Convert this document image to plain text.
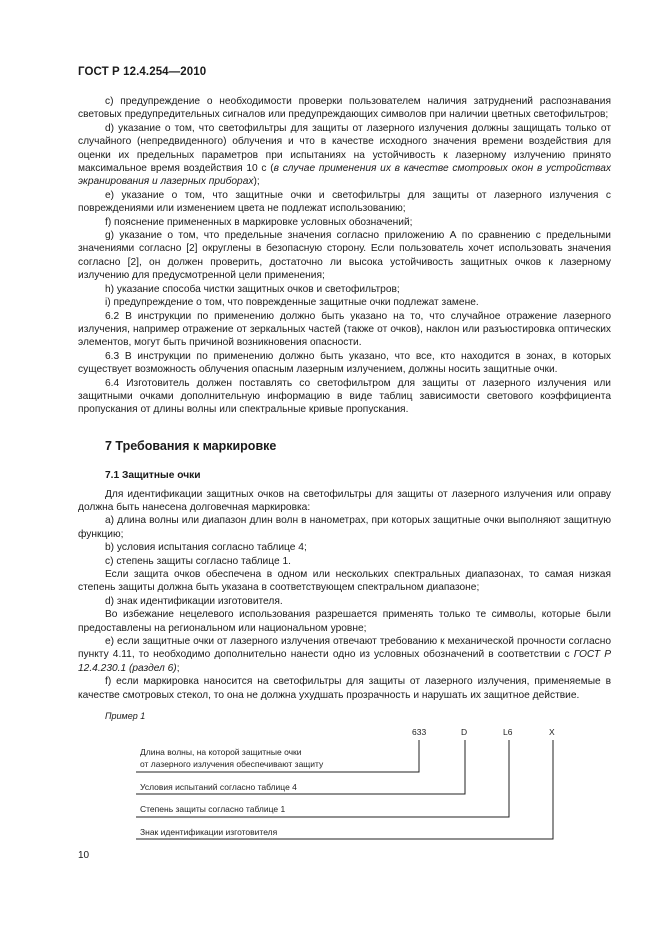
ГОСТ Р 12.4.254—2010

c) предупреждение о необходимости проверки пользователем наличия затруднений распознавания световых предупредительных сигналов или предупреждающих символов при наличии цветных светофильтров;

d) указание о том, что светофильтры для защиты от лазерного излучения должны защищать только от случайного (непредвиденного) облучения и что в качестве исходного значения времени воздействия для оценки их предельных параметров при испытаниях на устойчивость к лазерному излучению принято максимальное время воздействия 10 с (в случае применения их в качестве смотровых окон в устройствах экранирования и лазерных приборах);

e) указание о том, что защитные очки и светофильтры для защиты от лазерного излучения с повреждениями или изменением цвета не подлежат использованию;

f) пояснение примененных в маркировке условных обозначений;

g) указание о том, что предельные значения согласно приложению А по сравнению с предельными значениями согласно [2] округлены в безопасную сторону. Если пользователь хочет использовать значения согласно [2], он должен проверить, достаточно ли высока устойчивость защитных очков к лазерному излучению для предусмотренной цели применения;

h) указание способа чистки защитных очков и светофильтров;

i) предупреждение о том, что поврежденные защитные очки подлежат замене.

6.2 В инструкции по применению должно быть указано на то, что случайное отражение лазерного излучения, например отражение от зеркальных частей (также от очков), наклон или разъюстировка оптических элементов, могут быть причиной возникновения опасности.

6.3 В инструкции по применению должно быть указано, что все, кто находится в зонах, в которых существует возможность облучения опасным лазерным излучением, должны носить защитные очки.

6.4 Изготовитель должен поставлять со светофильтром для защиты от лазерного излучения или защитными очками дополнительную информацию в виде таблиц зависимости светового коэффициента пропускания от длины волны или спектральные кривые пропускания.

7 Требования к маркировке
7.1 Защитные очки

Для идентификации защитных очков на светофильтры для защиты от лазерного излучения или оправу должна быть нанесена долговечная маркировка:

а) длина волны или диапазон длин волн в нанометрах, при которых защитные очки выполняют защитную функцию;

b) условия испытания согласно таблице 4;

c) степень защиты согласно таблице 1.

Если защита очков обеспечена в одном или нескольких спектральных диапазонах, то самая низкая степень защиты должна быть указана в соответствующем спектральном диапазоне;

d) знак идентификации изготовителя.

Во избежание нецелевого использования разрешается применять только те символы, которые были предоставлены на региональном или национальном уровне;

e) если защитные очки от лазерного излучения отвечают требованию к механической прочности согласно пункту 4.11, то необходимо дополнительно нанести одно из условных обозначений в соответствии с ГОСТ Р 12.4.230.1 (раздел 6);

f) если маркировка наносится на светофильтры для защиты от лазерного излучения, применяемые в качестве смотровых стекол, то она не должна ухудшать прозрачность и нарушать их защитное действие.

Пример 1
633	D	L6	X
Длина волны, на которой защитные очки
от лазерного излучения обеспечивают защиту
Условия испытаний согласно таблице 4
Степень защиты согласно таблице 1
Знак идентификации изготовителя
10
